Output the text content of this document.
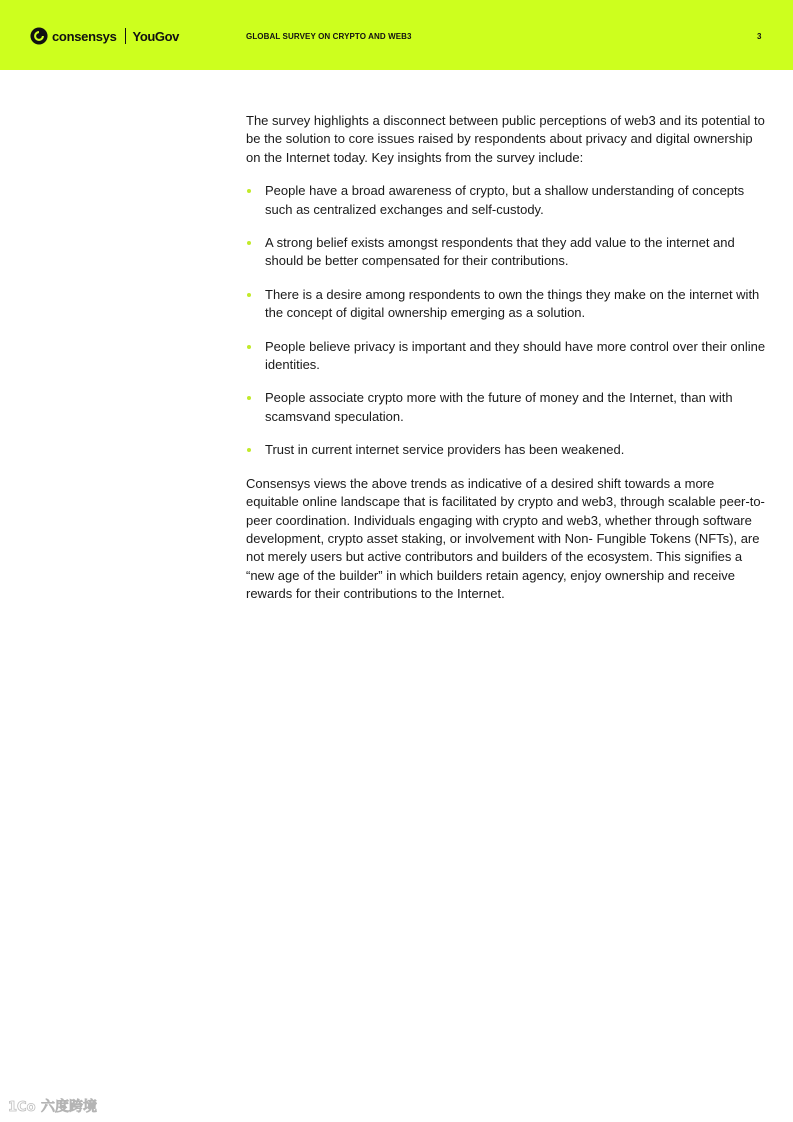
consensys YouGov	GLOBAL SURVEY ON CRYPTO AND WEB3	3

The survey highlights a disconnect between public perceptions of web3 and its potential to be the solution to core issues raised by respondents about privacy and digital ownership on the Internet today. Key insights from the survey include:

People have a broad awareness of crypto, but a shallow understanding of concepts such as centralized exchanges and self-custody.
A strong belief exists amongst respondents that they add value to the internet and should be better compensated for their contributions.
There is a desire among respondents to own the things they make on the internet with the concept of digital ownership emerging as a solution.
People believe privacy is important and they should have more control over their online identities.
People associate crypto more with the future of money and the Internet, than with scamsvand speculation.
Trust in current internet service providers has been weakened.

Consensys views the above trends as indicative of a desired shift towards a more equitable online landscape that is facilitated by crypto and web3, through scalable peer-to-peer coordination. Individuals engaging with crypto and web3, whether through software development, crypto asset staking, or involvement with Non- Fungible Tokens (NFTs), are not merely users but active contributors and builders of the ecosystem. This signifies a “new age of the builder” in which builders retain agency, enjoy ownership and receive rewards for their contributions to the Internet.

1Co 六度跨境
